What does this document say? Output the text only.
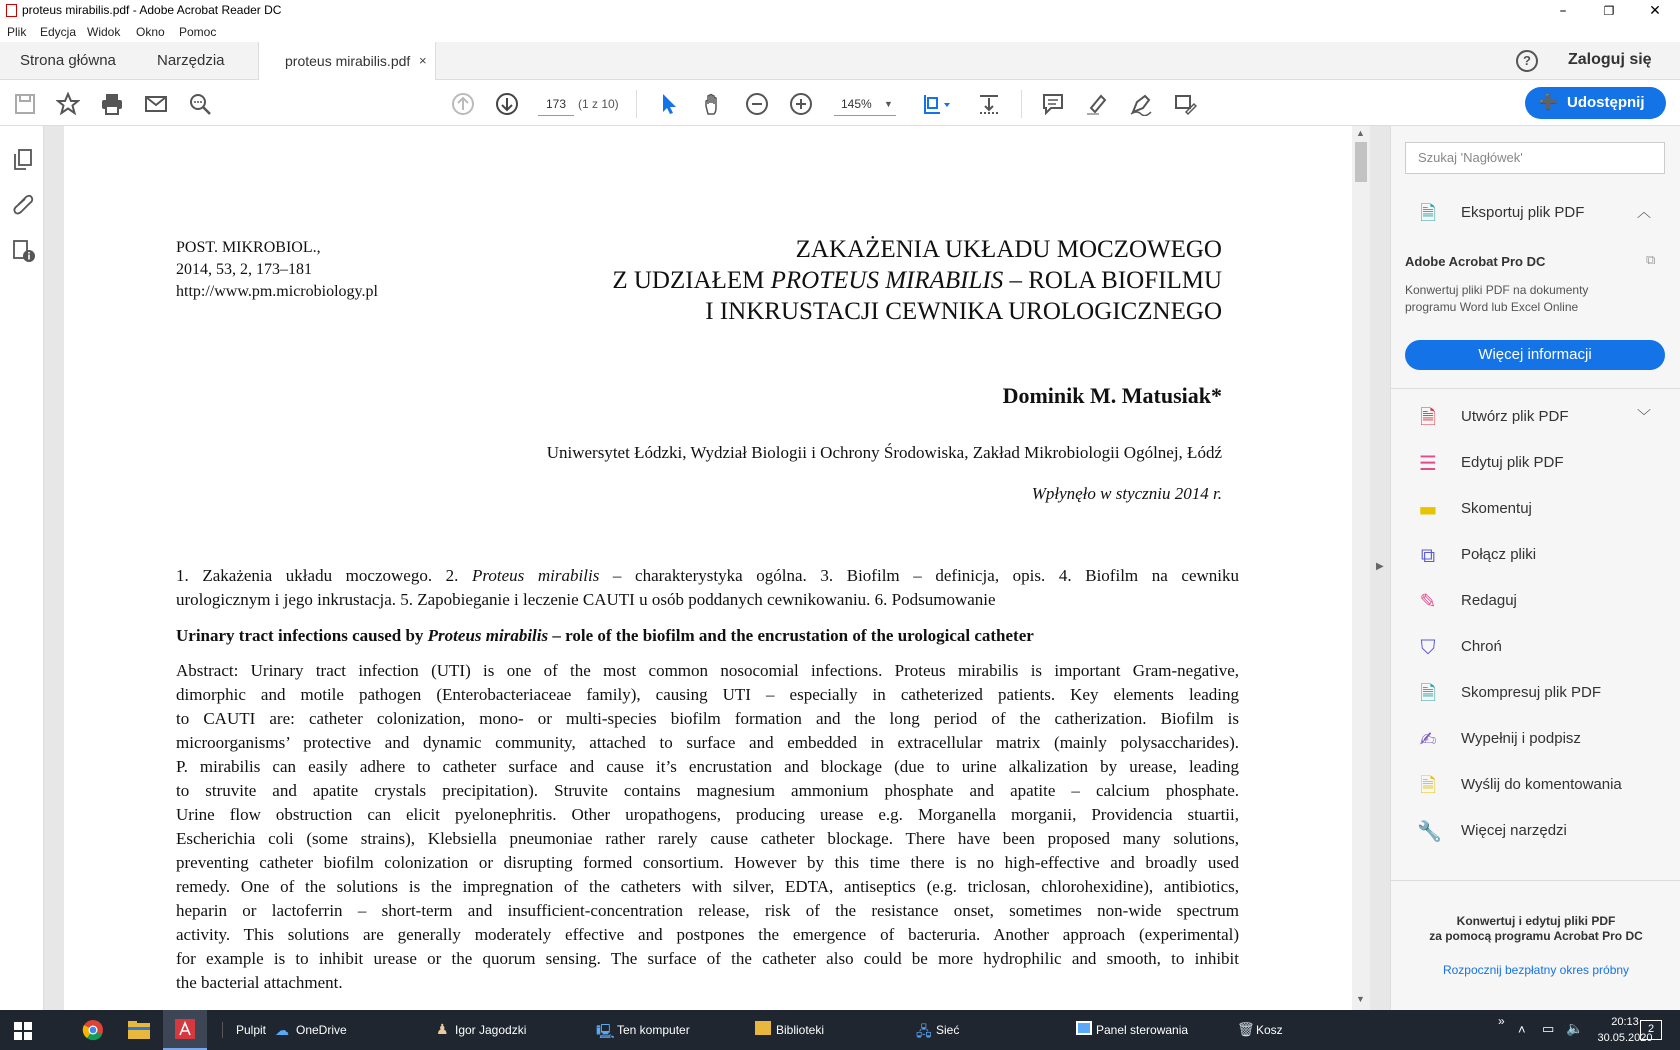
proteus mirabilis.pdf - Adobe Acrobat Reader DC	–	❐	✕
Plik Edycja Widok Okno Pomoc
Strona główna	Narzędzia	proteus mirabilis.pdf ×	?	Zaloguj się
173 (1 z 10)	145% ▼	➕ Udostępnij
POST. MIKROBIOL.,
2014, 53, 2, 173–181
http://www.pm.microbiology.pl
ZAKAŻENIA UKŁADU MOCZOWEGO
Z UDZIAŁEM PROTEUS MIRABILIS – ROLA BIOFILMU
I INKRUSTACJI CEWNIKA UROLOGICZNEGO
Dominik M. Matusiak*
Uniwersytet Łódzki, Wydział Biologii i Ochrony Środowiska, Zakład Mikrobiologii Ogólnej, Łódź
Wpłynęło w styczniu 2014 r.
1. Zakażenia układu moczowego. 2. Proteus mirabilis – charakterystyka ogólna. 3. Biofilm – definicja, opis. 4. Biofilm na cewniku
urologicznym i jego inkrustacja. 5. Zapobieganie i leczenie CAUTI u osób poddanych cewnikowaniu. 6. Podsumowanie
Urinary tract infections caused by Proteus mirabilis – role of the biofilm and the encrustation of the urological catheter
Abstract: Urinary tract infection (UTI) is one of the most common nosocomial infections. Proteus mirabilis is important Gram-negative,
dimorphic and motile pathogen (Enterobacteriaceae family), causing UTI – especially in catheterized patients. Key elements leading
to CAUTI are: catheter colonization, mono- or multi-species biofilm formation and the long period of the catherization. Biofilm is
microorganisms’ protective and dynamic community, attached to surface and embedded in extracellular matrix (mainly polysaccharides).
P. mirabilis can easily adhere to catheter surface and cause it’s encrustation and blockage (due to urine alkalization by urease, leading
to struvite and apatite crystals precipitation). Struvite contains magnesium ammonium phosphate and apatite – calcium phosphate.
Urine flow obstruction can elicit pyelonephritis. Other uropathogens, producing urease e.g. Morganella morganii, Providencia stuartii,
Escherichia coli (some strains), Klebsiella pneumoniae rather rarely cause catheter blockage. There have been proposed many solutions,
preventing catheter biofilm colonization or disrupting formed consortium. However by this time there is no high-effective and broadly used
remedy. One of the solutions is the impregnation of the catheters with silver, EDTA, antiseptics (e.g. triclosan, chlorohexidine), antibiotics,
heparin or lactoferrin – short-term and insufficient-concentration release, risk of the resistance onset, sometimes non-wide spectrum
activity. This solutions are generally moderately effective and postpones the emergence of bacteruria. Another approach (experimental)
for example is to inhibit urease or the quorum sensing. The surface of the catheter also could be more hydrophilic and smooth, to inhibit
the bacterial attachment.
▲
▼
▶
Szukaj 'Nagłówek'
🗎 Eksportuj plik PDF	︿
Adobe Acrobat Pro DC	⧉
Konwertuj pliki PDF na dokumenty
programu Word lub Excel Online
Więcej informacji
🗎 Utwórz plik PDF	﹀
☰ Edytuj plik PDF
▬ Skomentuj
⧉ Połącz pliki
✎ Redaguj
⛉ Chroń
🗎 Skompresuj plik PDF
✍ Wypełnij i podpisz
🗎 Wyślij do komentowania
🔧 Więcej narzędzi
Konwertuj i edytuj pliki PDF
za pomocą programu Acrobat Pro DC
Rozpocznij bezpłatny okres próbny
Pulpit ☁ OneDrive	♟ Igor Jagodzki	🖳 Ten komputer	Biblioteki	🖧 Sieć	Panel sterowania	🗑 Kosz
»
˄ ▭ 🔈	20:13
30.05.2020
2
